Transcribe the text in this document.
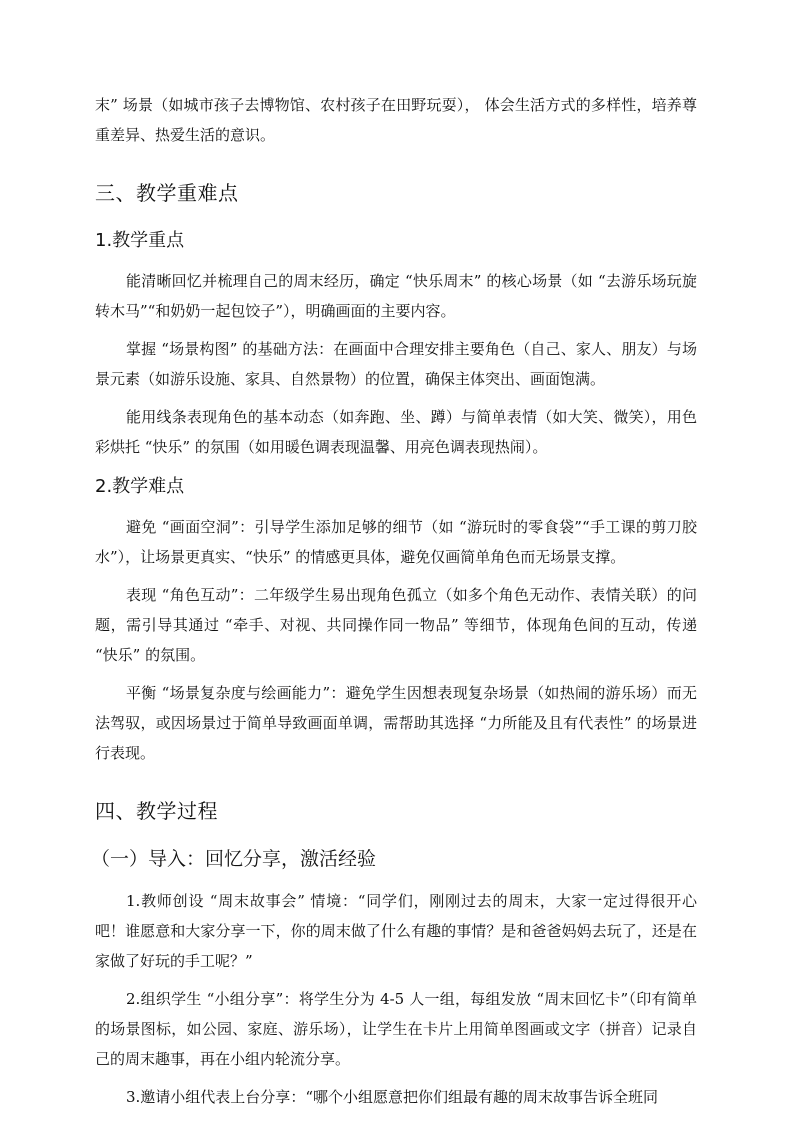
末” 场景（如城市孩子去博物馆、农村孩子在田野玩耍）， 体会生活方式的多样性，培养尊重差异、热爱生活的意识。

三、教学重难点
1.教学重点

能清晰回忆并梳理自己的周末经历，确定 “快乐周末” 的核心场景（如 “去游乐场玩旋转木马”“和奶奶一起包饺子”），明确画面的主要内容。

掌握 “场景构图” 的基础方法：在画面中合理安排主要角色（自己、家人、朋友）与场景元素（如游乐设施、家具、自然景物）的位置，确保主体突出、画面饱满。

能用线条表现角色的基本动态（如奔跑、坐、蹲）与简单表情（如大笑、微笑），用色彩烘托 “快乐” 的氛围（如用暖色调表现温馨、用亮色调表现热闹）。

2.教学难点

避免 “画面空洞”：引导学生添加足够的细节（如 “游玩时的零食袋”“手工课的剪刀胶水”），让场景更真实、“快乐” 的情感更具体，避免仅画简单角色而无场景支撑。

表现 “角色互动”：二年级学生易出现角色孤立（如多个角色无动作、表情关联）的问题，需引导其通过 “牵手、对视、共同操作同一物品” 等细节，体现角色间的互动，传递 “快乐” 的氛围。

平衡 “场景复杂度与绘画能力”：避免学生因想表现复杂场景（如热闹的游乐场）而无法驾驭，或因场景过于简单导致画面单调，需帮助其选择 “力所能及且有代表性” 的场景进行表现。

四、教学过程
（一）导入：回忆分享，激活经验

1.教师创设 “周末故事会” 情境：“同学们，刚刚过去的周末，大家一定过得很开心吧！谁愿意和大家分享一下，你的周末做了什么有趣的事情？是和爸爸妈妈去玩了，还是在家做了好玩的手工呢？”

2.组织学生 “小组分享”：将学生分为 4-5 人一组，每组发放 “周末回忆卡”（印有简单的场景图标，如公园、家庭、游乐场），让学生在卡片上用简单图画或文字（拼音）记录自己的周末趣事，再在小组内轮流分享。

3.邀请小组代表上台分享：“哪个小组愿意把你们组最有趣的周末故事告诉全班同
